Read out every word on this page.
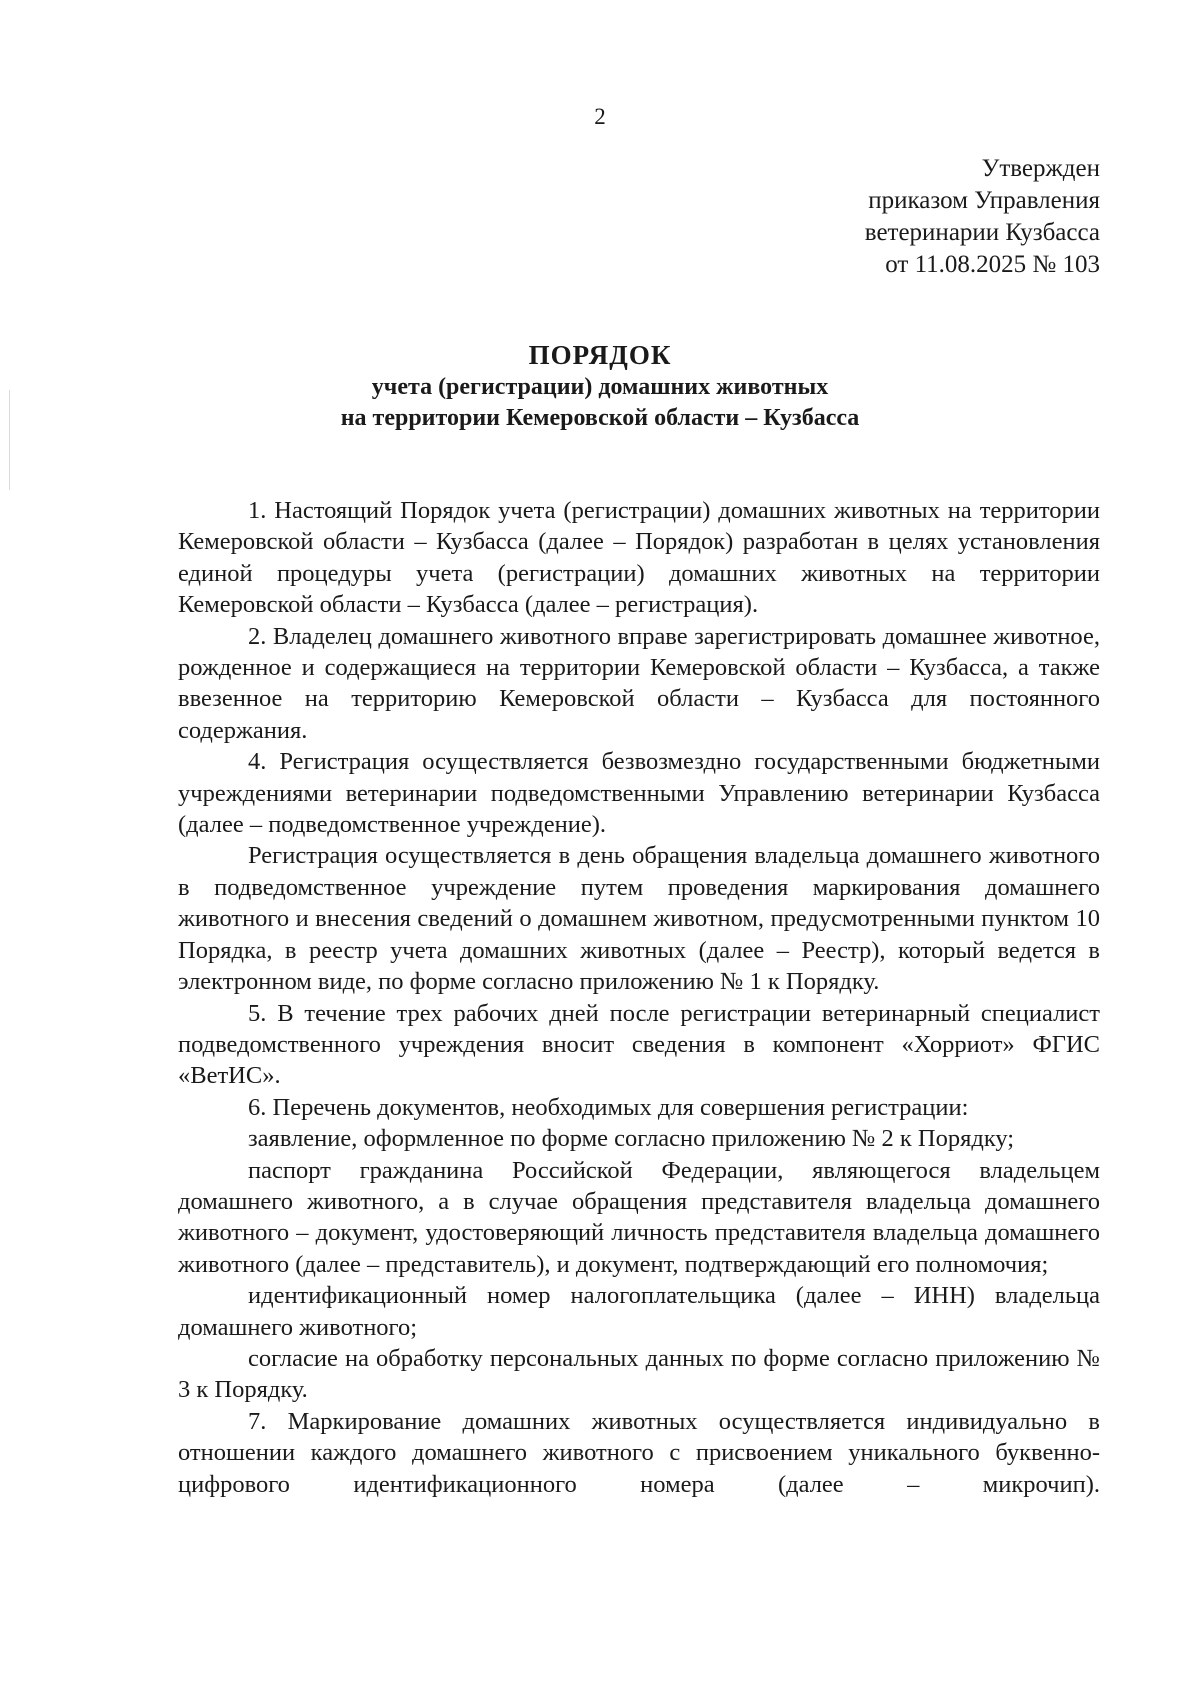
2
Утвержден
приказом Управления
ветеринарии Кузбасса
от 11.08.2025 № 103
ПОРЯДОК
учета (регистрации) домашних животных
на территории Кемеровской области – Кузбасса

1. Настоящий Порядок учета (регистрации) домашних животных на территории Кемеровской области – Кузбасса (далее – Порядок) разработан в целях установления единой процедуры учета (регистрации) домашних животных на территории Кемеровской области – Кузбасса (далее – регистрация).

2. Владелец домашнего животного вправе зарегистрировать домашнее животное, рожденное и содержащиеся на территории Кемеровской области – Кузбасса, а также ввезенное на территорию Кемеровской области – Кузбасса для постоянного содержания.

4. Регистрация осуществляется безвозмездно государственными бюджетными учреждениями ветеринарии подведомственными Управлению ветеринарии Кузбасса (далее – подведомственное учреждение).

Регистрация осуществляется в день обращения владельца домашнего животного в подведомственное учреждение путем проведения маркирования домашнего животного и внесения сведений о домашнем животном, предусмотренными пунктом 10 Порядка, в реестр учета домашних животных (далее – Реестр), который ведется в электронном виде, по форме согласно приложению № 1 к Порядку.

5. В течение трех рабочих дней после регистрации ветеринарный специалист подведомственного учреждения вносит сведения в компонент «Хорриот» ФГИС «ВетИС».

6. Перечень документов, необходимых для совершения регистрации:

заявление, оформленное по форме согласно приложению № 2 к Порядку;

паспорт гражданина Российской Федерации, являющегося владельцем домашнего животного, а в случае обращения представителя владельца домашнего животного – документ, удостоверяющий личность представителя владельца домашнего животного (далее – представитель), и документ, подтверждающий его полномочия;

идентификационный номер налогоплательщика (далее – ИНН) владельца домашнего животного;

согласие на обработку персональных данных по форме согласно приложению № 3 к Порядку.

7. Маркирование домашних животных осуществляется индивидуально в отношении каждого домашнего животного с присвоением уникального буквенно-цифрового идентификационного номера (далее – микрочип).
